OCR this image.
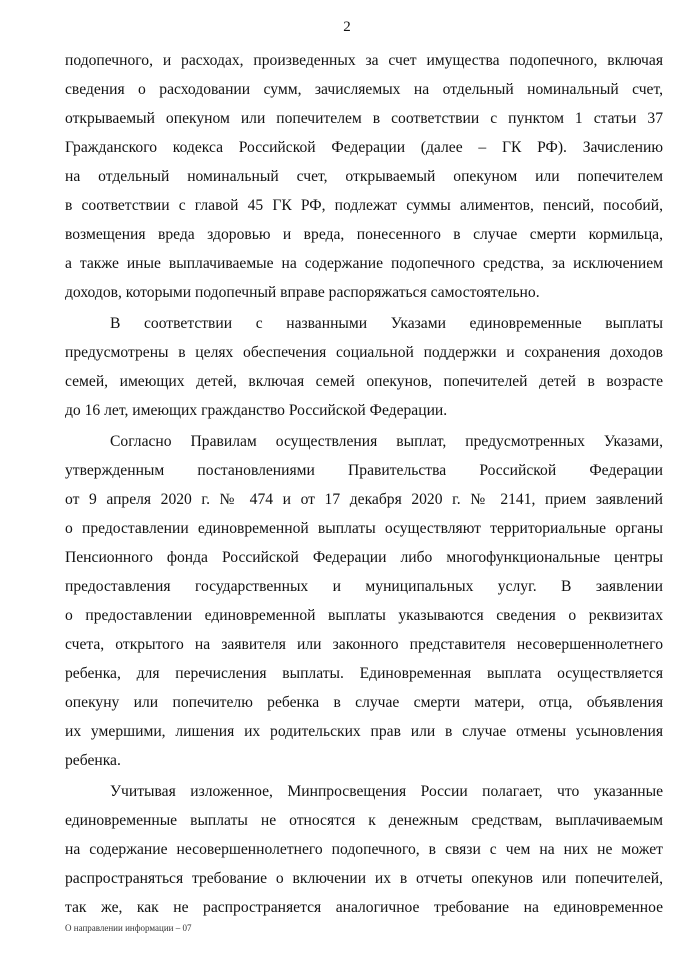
2
подопечного, и расходах, произведенных за счет имущества подопечного, включая
сведения о расходовании сумм, зачисляемых на отдельный номинальный счет,
открываемый опекуном или попечителем в соответствии с пунктом 1 статьи 37
Гражданского кодекса Российской Федерации (далее – ГК РФ). Зачислению
на отдельный номинальный счет, открываемый опекуном или попечителем
в соответствии с главой 45 ГК РФ, подлежат суммы алиментов, пенсий, пособий,
возмещения вреда здоровью и вреда, понесенного в случае смерти кормильца,
а также иные выплачиваемые на содержание подопечного средства, за исключением
доходов, которыми подопечный вправе распоряжаться самостоятельно.
В соответствии с названными Указами единовременные выплаты
предусмотрены в целях обеспечения социальной поддержки и сохранения доходов
семей, имеющих детей, включая семей опекунов, попечителей детей в возрасте
до 16 лет, имеющих гражданство Российской Федерации.
Согласно Правилам осуществления выплат, предусмотренных Указами,
утвержденным постановлениями Правительства Российской Федерации
от 9 апреля 2020 г. № 474 и от 17 декабря 2020 г. № 2141, прием заявлений
о предоставлении единовременной выплаты осуществляют территориальные органы
Пенсионного фонда Российской Федерации либо многофункциональные центры
предоставления государственных и муниципальных услуг. В заявлении
о предоставлении единовременной выплаты указываются сведения о реквизитах
счета, открытого на заявителя или законного представителя несовершеннолетнего
ребенка, для перечисления выплаты. Единовременная выплата осуществляется
опекуну или попечителю ребенка в случае смерти матери, отца, объявления
их умершими, лишения их родительских прав или в случае отмены усыновления
ребенка.
Учитывая изложенное, Минпросвещения России полагает, что указанные
единовременные выплаты не относятся к денежным средствам, выплачиваемым
на содержание несовершеннолетнего подопечного, в связи с чем на них не может
распространяться требование о включении их в отчеты опекунов или попечителей,
так же, как не распространяется аналогичное требование на единовременное
О направлении информации – 07
